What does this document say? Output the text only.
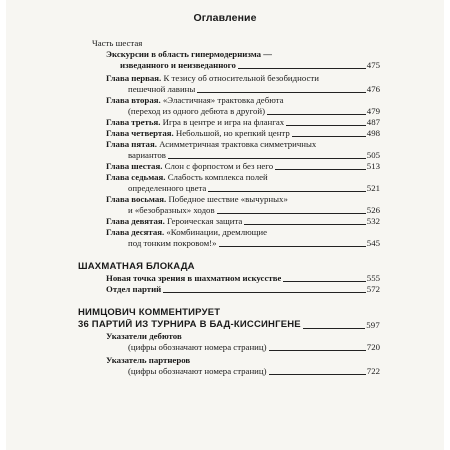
Оглавление
Часть шестая
Экскурсии в область гипермодернизма —
изведанного и неизведанного	475
Глава первая. К тезису об относительной безобидности
пешечной лавины	476
Глава вторая. «Эластичная» трактовка дебюта
(переход из одного дебюта в другой)	479
Глава третья. Игра в центре и игра на флангах	487
Глава четвертая. Небольшой, но крепкий центр	498
Глава пятая. Асимметричная трактовка симметричных
вариантов	505
Глава шестая. Слон с форпостом и без него	513
Глава седьмая. Слабость комплекса полей
определенного цвета	521
Глава восьмая. Победное шествие «вычурных»
и «безобразных» ходов	526
Глава девятая. Героическая защита	532
Глава десятая. «Комбинации, дремлющие
под тонким покровом!»	545
ШАХМАТНАЯ БЛОКАДА
Новая точка зрения в шахматном искусстве	555
Отдел партий	572
НИМЦОВИЧ КОММЕНТИРУЕТ
36 ПАРТИЙ ИЗ ТУРНИРА В БАД-КИССИНГЕНЕ	597
Указатели дебютов
(цифры обозначают номера страниц)	720
Указатель партнеров
(цифры обозначают номера страниц)	722
